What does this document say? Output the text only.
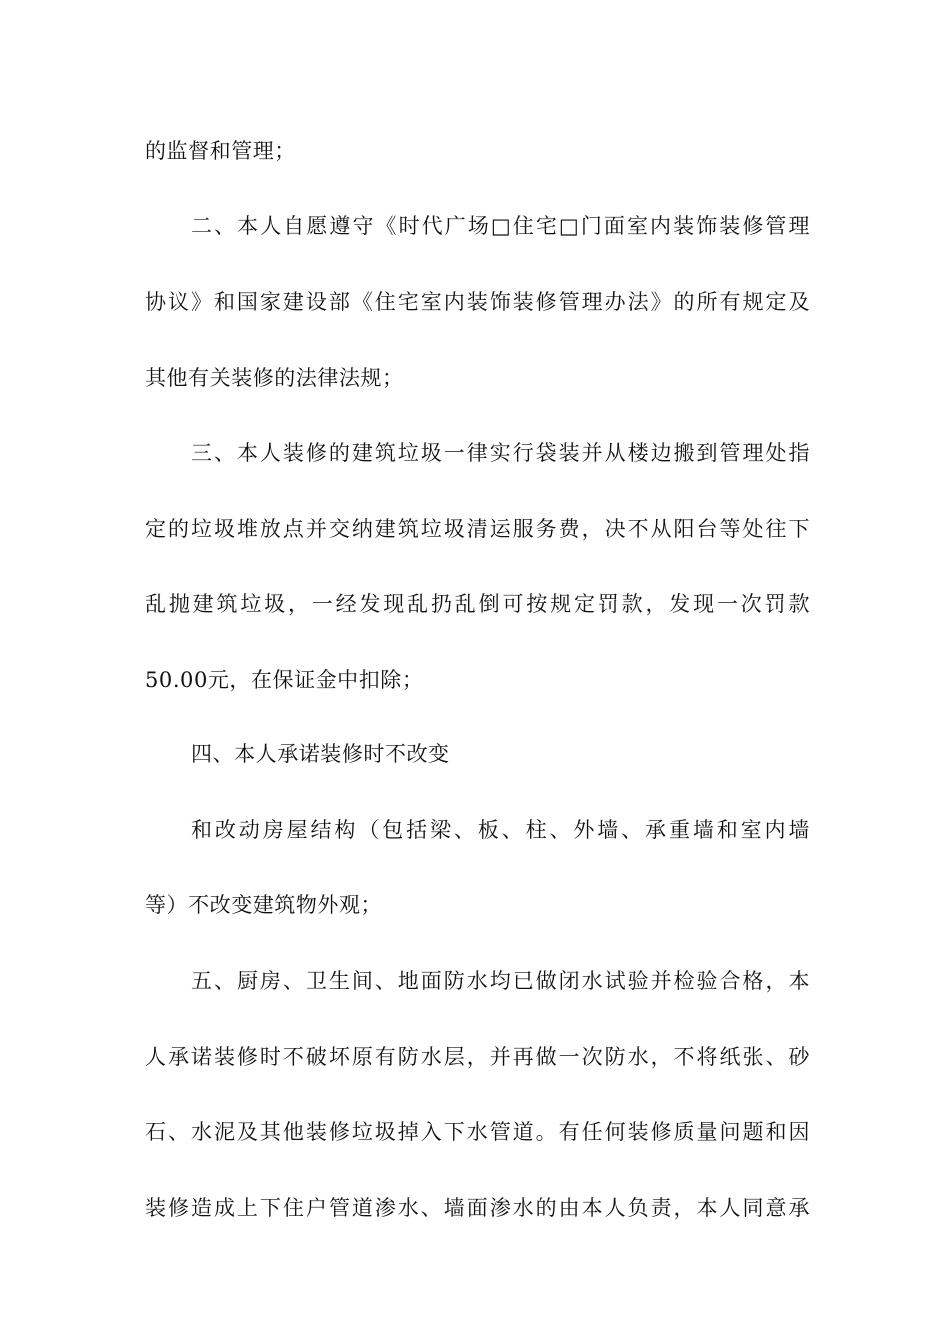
的监督和管理；
二、本人自愿遵守《时代广场□住宅□门面室内装饰装修管理
协议》和国家建设部《住宅室内装饰装修管理办法》的所有规定及
其他有关装修的法律法规；
三、本人装修的建筑垃圾一律实行袋装并从楼边搬到管理处指
定的垃圾堆放点并交纳建筑垃圾清运服务费，决不从阳台等处往下
乱抛建筑垃圾，一经发现乱扔乱倒可按规定罚款，发现一次罚款
50.00元，在保证金中扣除；
四、本人承诺装修时不改变
和改动房屋结构（包括梁、板、柱、外墙、承重墙和室内墙
等）不改变建筑物外观；
五、厨房、卫生间、地面防水均已做闭水试验并检验合格，本
人承诺装修时不破坏原有防水层，并再做一次防水，不将纸张、砂
石、水泥及其他装修垃圾掉入下水管道。有任何装修质量问题和因
装修造成上下住户管道渗水、墙面渗水的由本人负责，本人同意承
